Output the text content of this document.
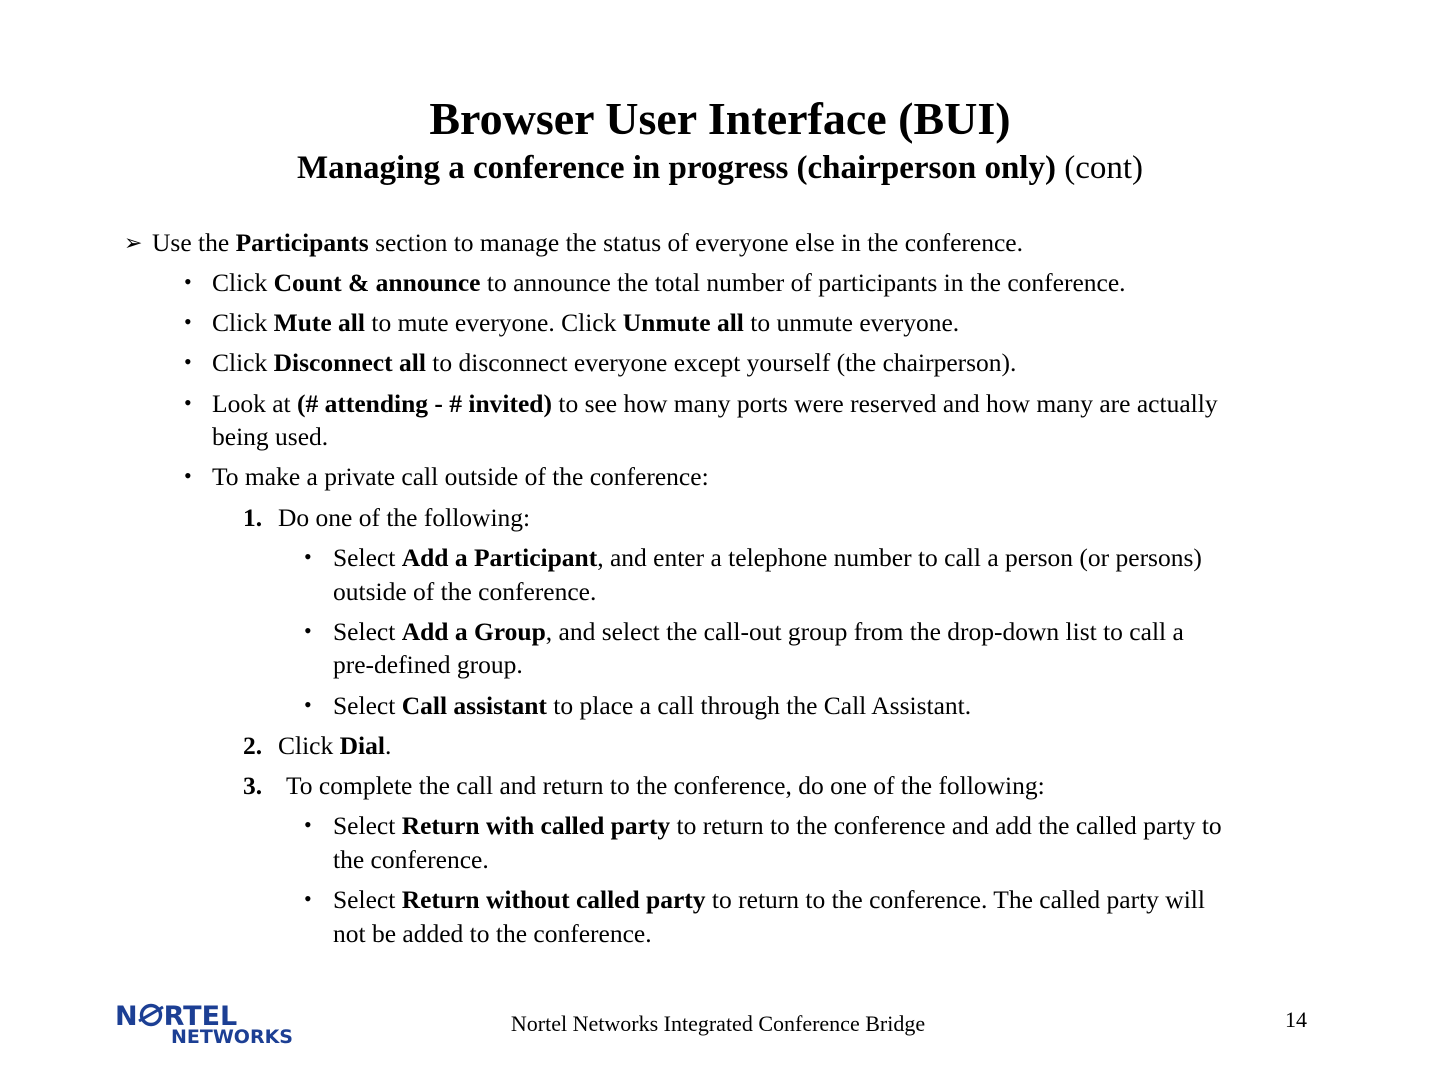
Browser User Interface (BUI)
Managing a conference in progress (chairperson only) (cont)
➢ Use the Participants section to manage the status of everyone else in the conference.
• Click Count & announce to announce the total number of participants in the conference.
• Click Mute all to mute everyone. Click Unmute all to unmute everyone.
• Click Disconnect all to disconnect everyone except yourself (the chairperson).
• Look at (# attending - # invited) to see how many ports were reserved and how many are actually
being used.
• To make a private call outside of the conference:
1. Do one of the following:
• Select Add a Participant, and enter a telephone number to call a person (or persons)
outside of the conference.
• Select Add a Group, and select the call-out group from the drop-down list to call a
pre-defined group.
• Select Call assistant to place a call through the Call Assistant.
2. Click Dial.
3. To complete the call and return to the conference, do one of the following:
• Select Return with called party to return to the conference and add the called party to
the conference.
• Select Return without called party to return to the conference. The called party will
not be added to the conference.
N RTEL
NETWORKS
Nortel Networks Integrated Conference Bridge	14
